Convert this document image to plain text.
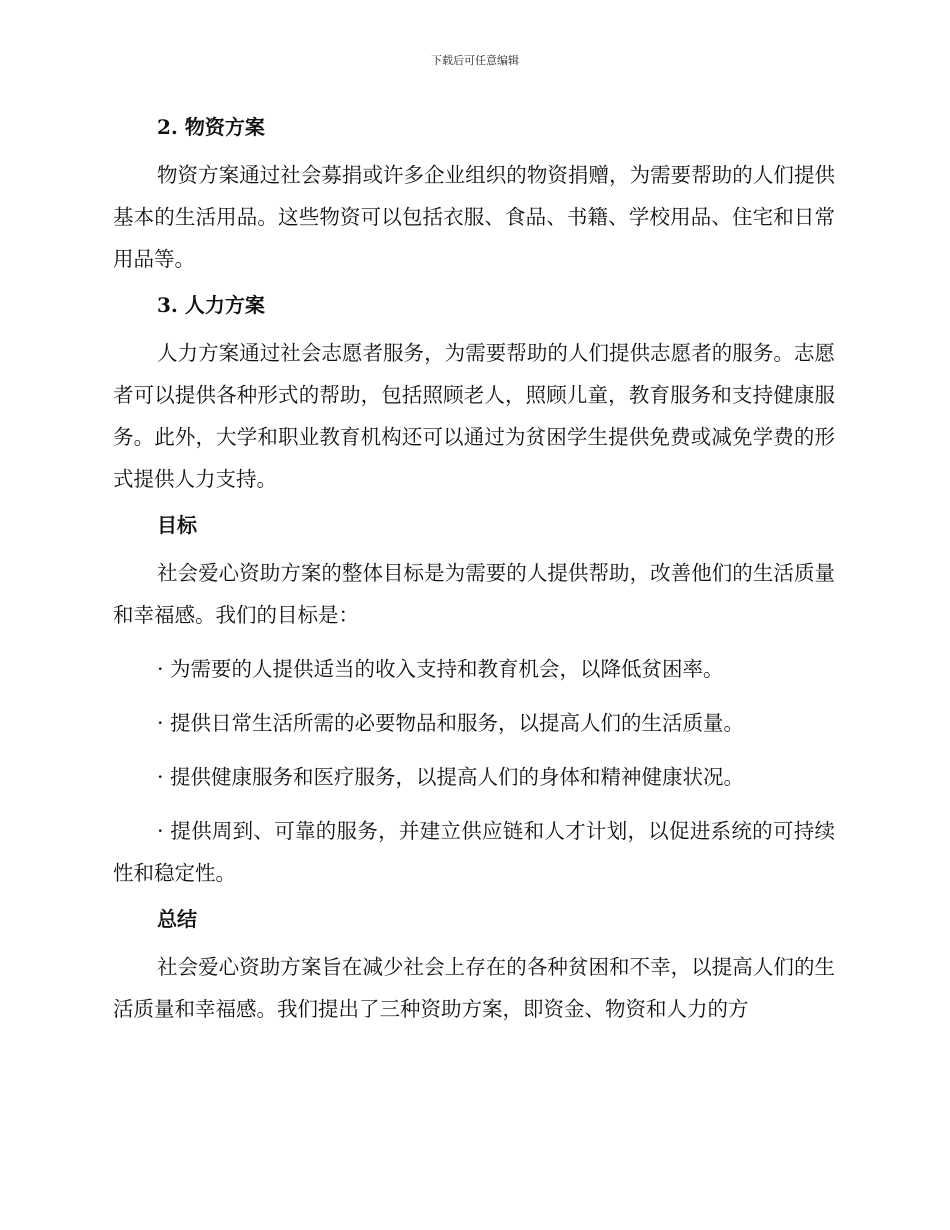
下载后可任意编辑

2. 物资方案

物资方案通过社会募捐或许多企业组织的物资捐赠，为需要帮助的人们提供基本的生活用品。这些物资可以包括衣服、食品、书籍、学校用品、住宅和日常用品等。

3. 人力方案

人力方案通过社会志愿者服务，为需要帮助的人们提供志愿者的服务。志愿者可以提供各种形式的帮助，包括照顾老人，照顾儿童，教育服务和支持健康服务。此外，大学和职业教育机构还可以通过为贫困学生提供免费或减免学费的形式提供人力支持。

目标

社会爱心资助方案的整体目标是为需要的人提供帮助，改善他们的生活质量和幸福感。我们的目标是：

· 为需要的人提供适当的收入支持和教育机会，以降低贫困率。

· 提供日常生活所需的必要物品和服务，以提高人们的生活质量。

· 提供健康服务和医疗服务，以提高人们的身体和精神健康状况。

· 提供周到、可靠的服务，并建立供应链和人才计划，以促进系统的可持续性和稳定性。

总结

社会爱心资助方案旨在减少社会上存在的各种贫困和不幸，以提高人们的生活质量和幸福感。我们提出了三种资助方案，即资金、物资和人力的方
